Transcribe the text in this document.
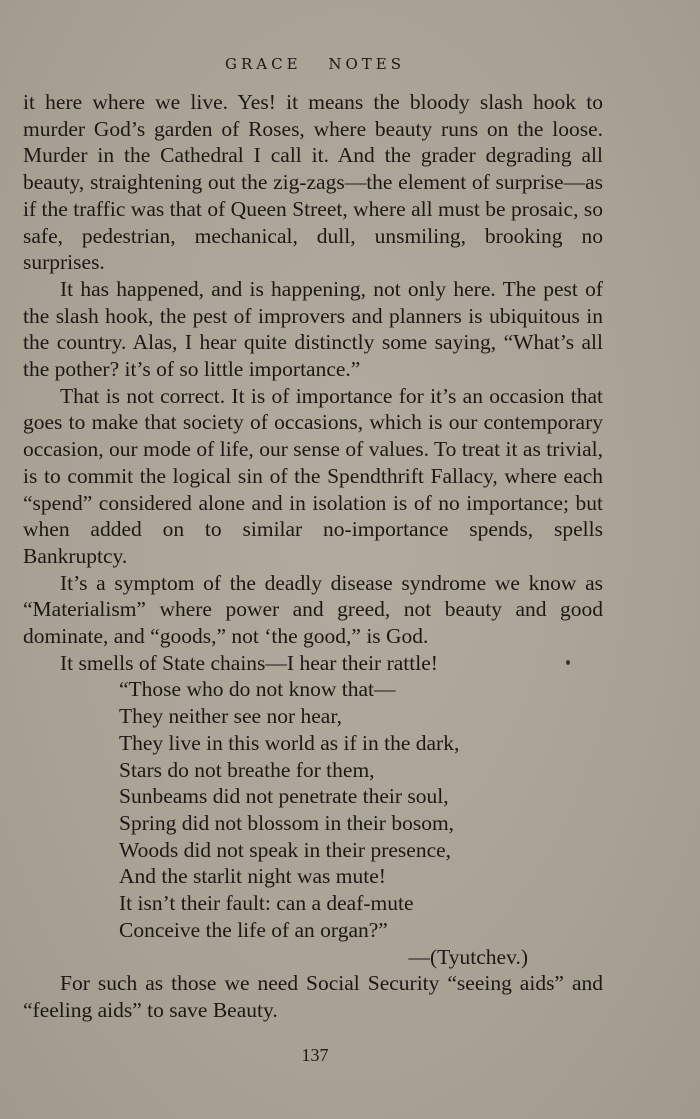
GRACE NOTES

it here where we live. Yes! it means the bloody slash hook to murder God’s garden of Roses, where beauty runs on the loose. Murder in the Cathedral I call it. And the grader degrading all beauty, straightening out the zig-zags—the element of surprise—as if the traffic was that of Queen Street, where all must be prosaic, so safe, pedestrian, mechanical, dull, unsmiling, brooking no surprises.

It has happened, and is happening, not only here. The pest of the slash hook, the pest of improvers and planners is ubiquitous in the country. Alas, I hear quite distinctly some saying, “What’s all the pother? it’s of so little importance.”

That is not correct. It is of importance for it’s an occasion that goes to make that society of occasions, which is our contemporary occasion, our mode of life, our sense of values. To treat it as trivial, is to commit the logical sin of the Spendthrift Fallacy, where each “spend” considered alone and in isolation is of no importance; but when added on to similar no-importance spends, spells Bankruptcy.

It’s a symptom of the deadly disease syndrome we know as “Materialism” where power and greed, not beauty and good dominate, and “goods,” not ‘the good,” is God.

It smells of State chains—I hear their rattle!

“Those who do not know that—
They neither see nor hear,
They live in this world as if in the dark,
Stars do not breathe for them,
Sunbeams did not penetrate their soul,
Spring did not blossom in their bosom,
Woods did not speak in their presence,
And the starlit night was mute!
It isn’t their fault: can a deaf-mute
Conceive the life of an organ?”
—(Tyutchev.)

For such as those we need Social Security “seeing aids” and “feeling aids” to save Beauty.

137
